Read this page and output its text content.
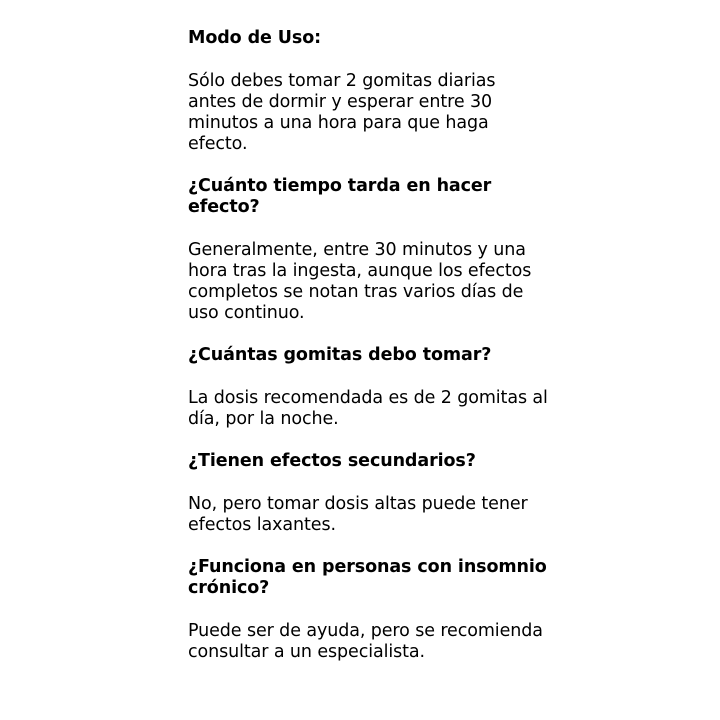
Modo de Uso:

Sólo debes tomar 2 gomitas diarias antes de dormir y esperar entre 30 minutos a una hora para que haga efecto.

¿Cuánto tiempo tarda en hacer efecto?

Generalmente, entre 30 minutos y una hora tras la ingesta, aunque los efectos completos se notan tras varios días de uso continuo.

¿Cuántas gomitas debo tomar?

La dosis recomendada es de 2 gomitas al día, por la noche.

¿Tienen efectos secundarios?

No, pero tomar dosis altas puede tener efectos laxantes.

¿Funciona en personas con insomnio crónico?

Puede ser de ayuda, pero se recomienda consultar a un especialista.
